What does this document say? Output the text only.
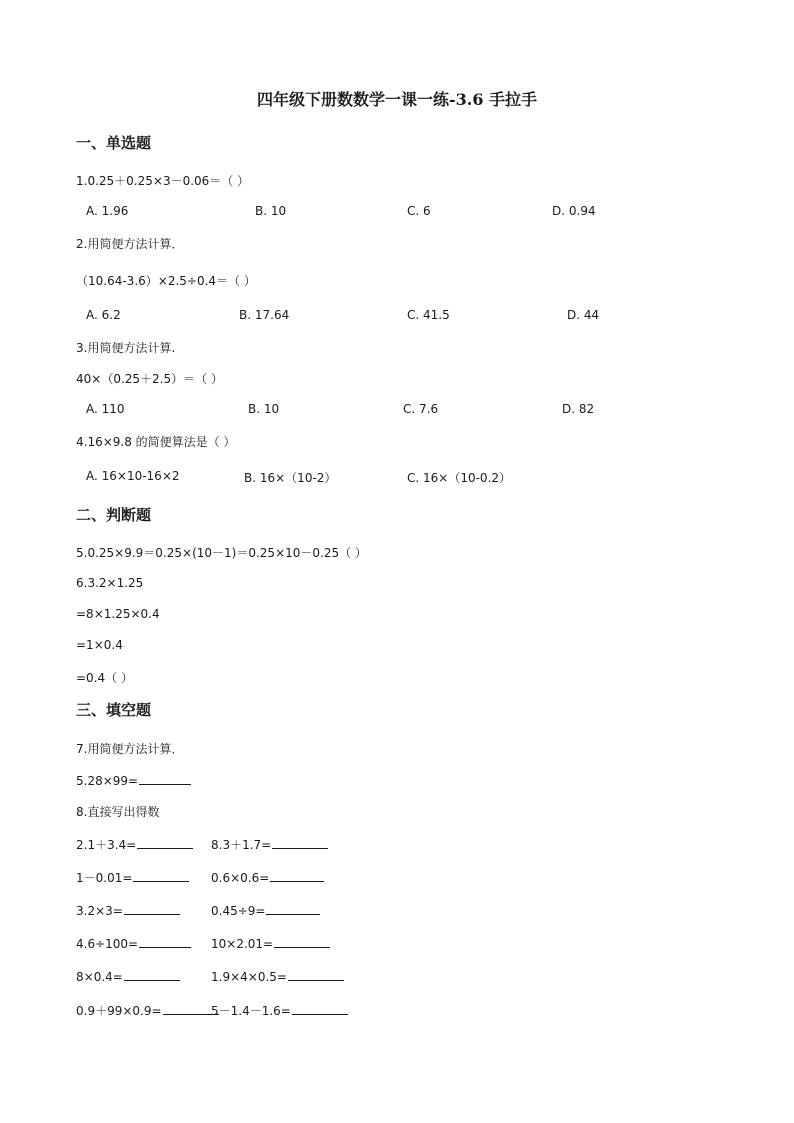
四年级下册数数学一课一练-3.6 手拉手
一、单选题
1.0.25＋0.25×3－0.06＝（ ）
A. 1.96	B. 10	C. 6	D. 0.94
2.用简便方法计算．
（10.64-3.6）×2.5÷0.4＝（ ）
A. 6.2	B. 17.64	C. 41.5	D. 44
3.用简便方法计算.
40×（0.25＋2.5）＝（ ）
A. 110	B. 10	C. 7.6	D. 82
4.16×9.8 的简便算法是（ ）
A. 16×10-16×2	B. 16×（10-2）	C. 16×（10-0.2）
二、判断题
5.0.25×9.9＝0.25×(10－1)＝0.25×10－0.25（ ）
6.3.2×1.25
=8×1.25×0.4
=1×0.4
=0.4（ ）
三、填空题
7.用简便方法计算．
5.28×99=
8.直接写出得数
2.1＋3.4=	8.3＋1.7=
1－0.01=	0.6×0.6=
3.2×3=	0.45÷9=
4.6÷100=	10×2.01=
8×0.4=	1.9×4×0.5=
0.9＋99×0.9=	5－1.4－1.6=
